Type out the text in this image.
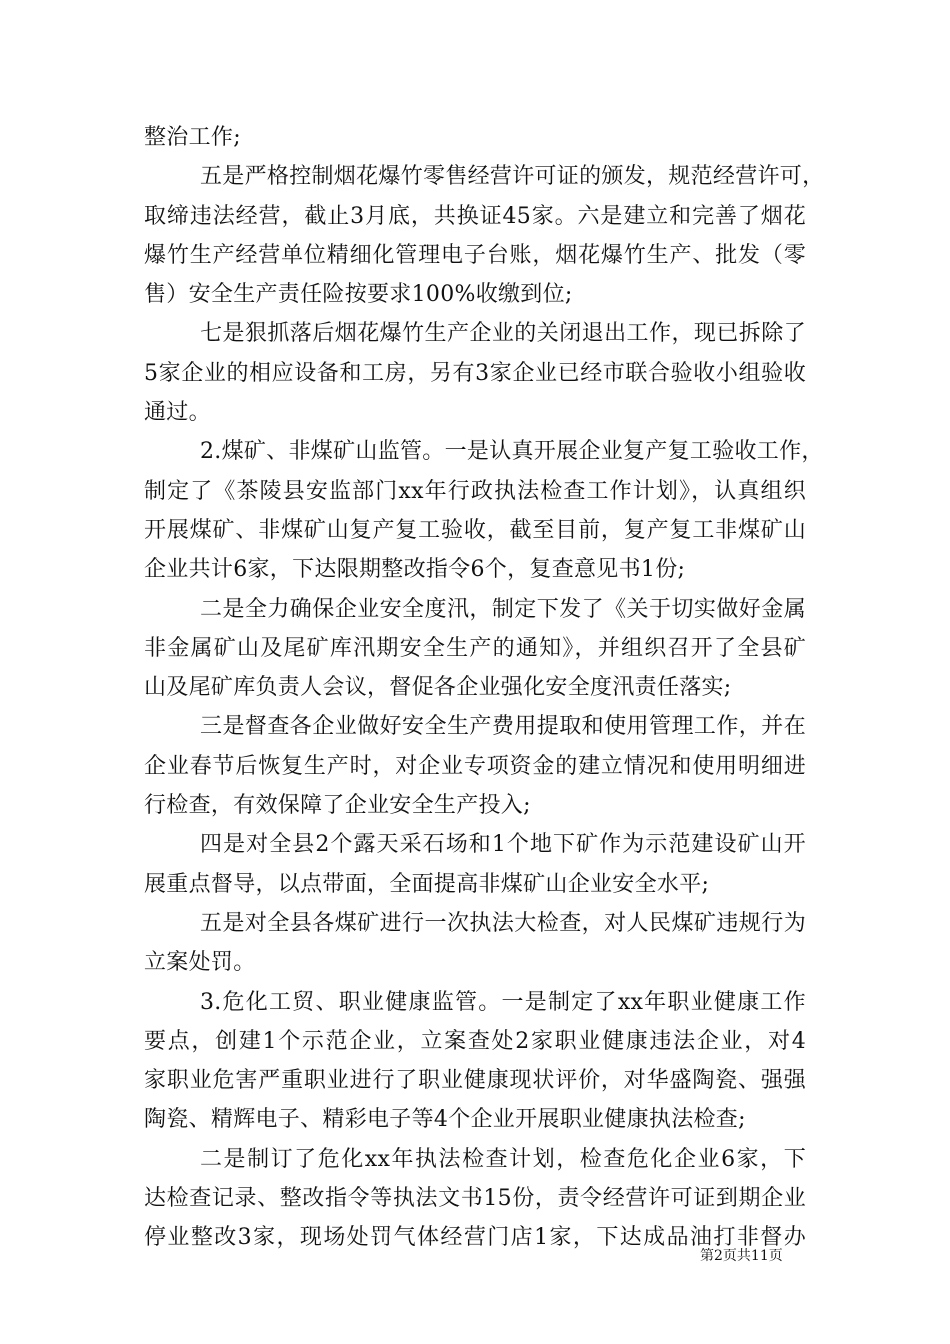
整治工作;
五是严格控制烟花爆竹零售经营许可证的颁发，规范经营许可，
取缔违法经营，截止3月底，共换证45家。六是建立和完善了烟花
爆竹生产经营单位精细化管理电子台账，烟花爆竹生产、批发（零
售）安全生产责任险按要求100%收缴到位;
七是狠抓落后烟花爆竹生产企业的关闭退出工作，现已拆除了
5家企业的相应设备和工房，另有3家企业已经市联合验收小组验收
通过。
2.煤矿、非煤矿山监管。一是认真开展企业复产复工验收工作，
制定了《茶陵县安监部门xx年行政执法检查工作计划》，认真组织
开展煤矿、非煤矿山复产复工验收，截至目前，复产复工非煤矿山
企业共计6家，下达限期整改指令6个，复查意见书1份;
二是全力确保企业安全度汛，制定下发了《关于切实做好金属
非金属矿山及尾矿库汛期安全生产的通知》，并组织召开了全县矿
山及尾矿库负责人会议，督促各企业强化安全度汛责任落实;
三是督查各企业做好安全生产费用提取和使用管理工作，并在
企业春节后恢复生产时，对企业专项资金的建立情况和使用明细进
行检查，有效保障了企业安全生产投入;
四是对全县2个露天采石场和1个地下矿作为示范建设矿山开
展重点督导，以点带面，全面提高非煤矿山企业安全水平;
五是对全县各煤矿进行一次执法大检查，对人民煤矿违规行为
立案处罚。
3.危化工贸、职业健康监管。一是制定了xx年职业健康工作
要点，创建1个示范企业，立案查处2家职业健康违法企业，对4
家职业危害严重职业进行了职业健康现状评价，对华盛陶瓷、强强
陶瓷、精辉电子、精彩电子等4个企业开展职业健康执法检查;
二是制订了危化xx年执法检查计划，检查危化企业6家，下
达检查记录、整改指令等执法文书15份，责令经营许可证到期企业
停业整改3家，现场处罚气体经营门店1家，下达成品油打非督办
第2页共11页
